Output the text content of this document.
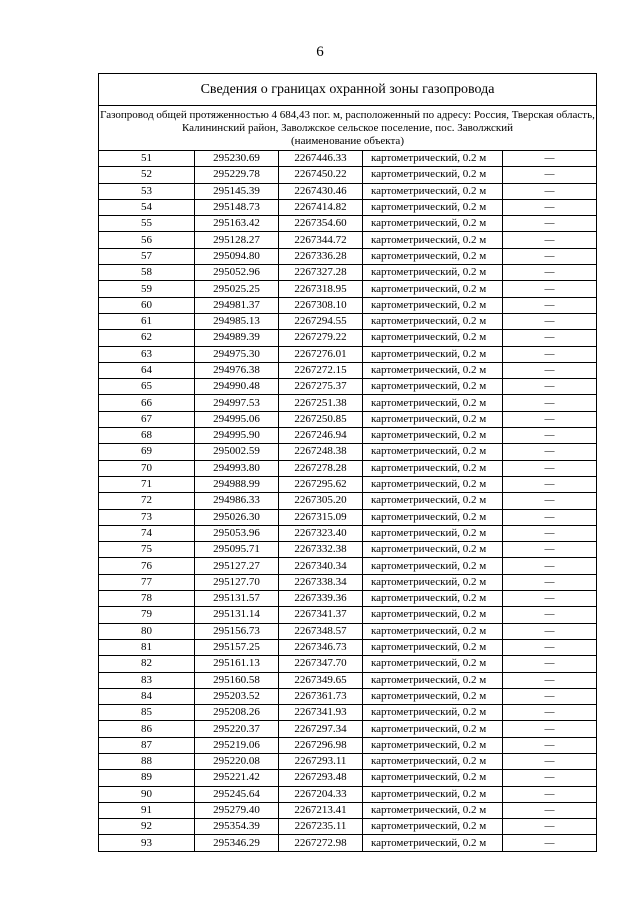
6
Сведения о границах охранной зоны газопровода				

Газопровод общей протяженностью 4 684,43 пог. м, расположенный по адресу: Россия, Тверская область,
Калининский район, Заволжское сельское поселение, пос. Заволжский
(наименование объекта)				

51	295230.69	2267446.33	картометрический, 0.2 м	—
52	295229.78	2267450.22	картометрический, 0.2 м	—
53	295145.39	2267430.46	картометрический, 0.2 м	—
54	295148.73	2267414.82	картометрический, 0.2 м	—
55	295163.42	2267354.60	картометрический, 0.2 м	—
56	295128.27	2267344.72	картометрический, 0.2 м	—
57	295094.80	2267336.28	картометрический, 0.2 м	—
58	295052.96	2267327.28	картометрический, 0.2 м	—
59	295025.25	2267318.95	картометрический, 0.2 м	—
60	294981.37	2267308.10	картометрический, 0.2 м	—
61	294985.13	2267294.55	картометрический, 0.2 м	—
62	294989.39	2267279.22	картометрический, 0.2 м	—
63	294975.30	2267276.01	картометрический, 0.2 м	—
64	294976.38	2267272.15	картометрический, 0.2 м	—
65	294990.48	2267275.37	картометрический, 0.2 м	—
66	294997.53	2267251.38	картометрический, 0.2 м	—
67	294995.06	2267250.85	картометрический, 0.2 м	—
68	294995.90	2267246.94	картометрический, 0.2 м	—
69	295002.59	2267248.38	картометрический, 0.2 м	—
70	294993.80	2267278.28	картометрический, 0.2 м	—
71	294988.99	2267295.62	картометрический, 0.2 м	—
72	294986.33	2267305.20	картометрический, 0.2 м	—
73	295026.30	2267315.09	картометрический, 0.2 м	—
74	295053.96	2267323.40	картометрический, 0.2 м	—
75	295095.71	2267332.38	картометрический, 0.2 м	—
76	295127.27	2267340.34	картометрический, 0.2 м	—
77	295127.70	2267338.34	картометрический, 0.2 м	—
78	295131.57	2267339.36	картометрический, 0.2 м	—
79	295131.14	2267341.37	картометрический, 0.2 м	—
80	295156.73	2267348.57	картометрический, 0.2 м	—
81	295157.25	2267346.73	картометрический, 0.2 м	—
82	295161.13	2267347.70	картометрический, 0.2 м	—
83	295160.58	2267349.65	картометрический, 0.2 м	—
84	295203.52	2267361.73	картометрический, 0.2 м	—
85	295208.26	2267341.93	картометрический, 0.2 м	—
86	295220.37	2267297.34	картометрический, 0.2 м	—
87	295219.06	2267296.98	картометрический, 0.2 м	—
88	295220.08	2267293.11	картометрический, 0.2 м	—
89	295221.42	2267293.48	картометрический, 0.2 м	—
90	295245.64	2267204.33	картометрический, 0.2 м	—
91	295279.40	2267213.41	картометрический, 0.2 м	—
92	295354.39	2267235.11	картометрический, 0.2 м	—
93	295346.29	2267272.98	картометрический, 0.2 м	—
